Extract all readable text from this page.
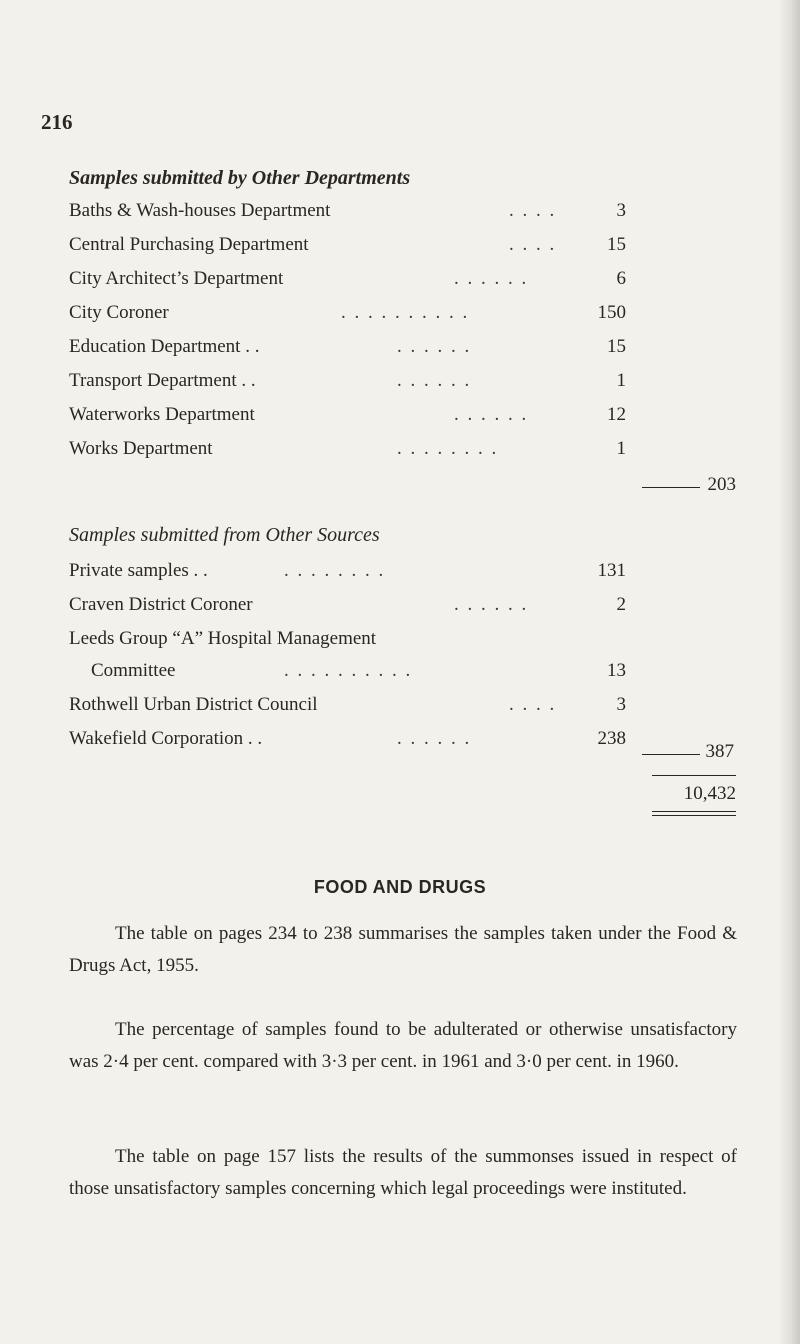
216
Samples submitted by Other Departments
Baths & Wash-houses Department	. . . .	3
Central Purchasing Department	. . . .	15
City Architect’s Department	. . . . . .	6
City Coroner	. . . . . . . . . .	150
Education Department . .	. . . . . .	15
Transport Department . .	. . . . . .	1
Waterworks Department	. . . . . .	12
Works Department	. . . . . . . .	1
203
Samples submitted from Other Sources
Private samples . .	. . . . . . . .	131
Craven District Coroner	. . . . . .	2
Leeds Group “A” Hospital Management
Committee	. . . . . . . . . .	13
Rothwell Urban District Council	. . . .	3
Wakefield Corporation . .	. . . . . .	238
387
10,432
FOOD AND DRUGS
The table on pages 234 to 238 summarises the samples taken under the Food & Drugs Act, 1955.
The percentage of samples found to be adulterated or otherwise unsatisfactory was 2·4 per cent. compared with 3·3 per cent. in 1961 and 3·0 per cent. in 1960.
The table on page 157 lists the results of the summonses issued in respect of those unsatisfactory samples concerning which legal proceedings were instituted.
